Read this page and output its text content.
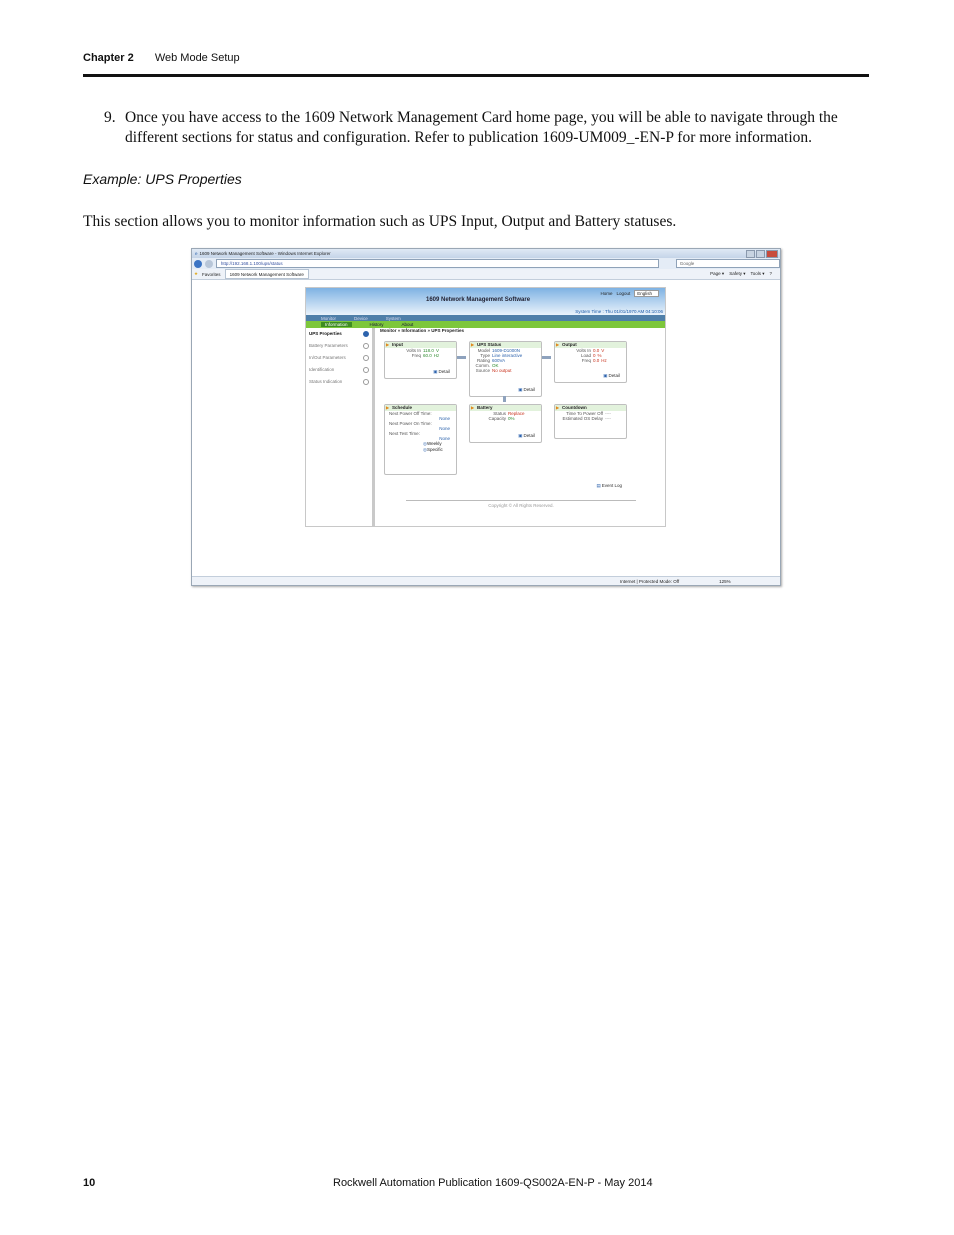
Chapter 2 Web Mode Setup
9. Once you have access to the 1609 Network Management Card home page, you will be able to navigate through the different sections for status and configuration. Refer to publication 1609-UM009_-EN-P for more information.
Example: UPS Properties
This section allows you to monitor information such as UPS Input, Output and Battery statuses.
e 1609 Network Management Software - Windows Internet Explorer
http://192.168.1.100/ups/status	Google
★ Favorites	1609 Network Management Software	Page ▾ Safety ▾ Tools ▾ ?
1609 Network Management Software
Home Logout	English
System Time : Thu 01/01/1970 AM 04:10:06
Monitor	Device	System
Information	History	About
UPS Properties
Battery Parameters
In/Out Parameters
Identification
Status Indication
Monitor » Information » UPS Properties
▶ Input
Volts In 118.0 V
Freq 60.0 Hz
▣ Detail
▶ UPS Status
Model 1609-D1000N
Type Line interactive
Rating 600VA
Comm. OK
Source No output
▣ Detail
▶ Output
Volts In 0.0 V
Load 0 %
Freq 0.0 Hz
▣ Detail
▶ Schedule
Next Power Off Time:
None
Next Power On Time:
None
Next Test Time:
None
◎Weekly
◎Specific
▶ Battery
Status Replace
Capacity 0%
▣ Detail
▶ Countdown
Time To Power Off ----
Estimated OS Delay ----
▤ Event Log
Copyright © All Rights Reserved.
Internet | Protected Mode: Off	125%
10	Rockwell Automation Publication 1609-QS002A-EN-P - May 2014
